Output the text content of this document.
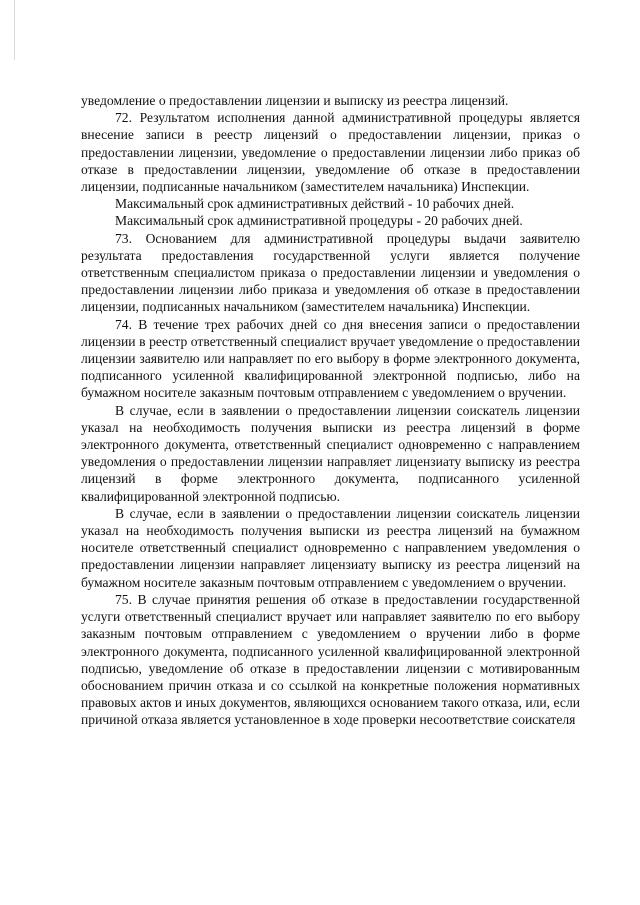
уведомление о предоставлении лицензии и выписку из реестра лицензий.

72. Результатом исполнения данной административной процедуры является внесение записи в реестр лицензий о предоставлении лицензии, приказ о предоставлении лицензии, уведомление о предоставлении лицензии либо приказ об отказе в предоставлении лицензии, уведомление об отказе в предоставлении лицензии, подписанные начальником (заместителем начальника) Инспекции.

Максимальный срок административных действий - 10 рабочих дней.

Максимальный срок административной процедуры - 20 рабочих дней.

73. Основанием для административной процедуры выдачи заявителю результата предоставления государственной услуги является получение ответственным специалистом приказа о предоставлении лицензии и уведомления о предоставлении лицензии либо приказа и уведомления об отказе в предоставлении лицензии, подписанных начальником (заместителем начальника) Инспекции.

74. В течение трех рабочих дней со дня внесения записи о предоставлении лицензии в реестр ответственный специалист вручает уведомление о предоставлении лицензии заявителю или направляет по его выбору в форме электронного документа, подписанного усиленной квалифицированной электронной подписью, либо на бумажном носителе заказным почтовым отправлением с уведомлением о вручении.

В случае, если в заявлении о предоставлении лицензии соискатель лицензии указал на необходимость получения выписки из реестра лицензий в форме электронного документа, ответственный специалист одновременно с направлением уведомления о предоставлении лицензии направляет лицензиату выписку из реестра лицензий в форме электронного документа, подписанного усиленной квалифицированной электронной подписью.

В случае, если в заявлении о предоставлении лицензии соискатель лицензии указал на необходимость получения выписки из реестра лицензий на бумажном носителе ответственный специалист одновременно с направлением уведомления о предоставлении лицензии направляет лицензиату выписку из реестра лицензий на бумажном носителе заказным почтовым отправлением с уведомлением о вручении.

75. В случае принятия решения об отказе в предоставлении государственной услуги ответственный специалист вручает или направляет заявителю по его выбору заказным почтовым отправлением с уведомлением о вручении либо в форме электронного документа, подписанного усиленной квалифицированной электронной подписью, уведомление об отказе в предоставлении лицензии с мотивированным обоснованием причин отказа и со ссылкой на конкретные положения нормативных правовых актов и иных документов, являющихся основанием такого отказа, или, если причиной отказа является установленное в ходе проверки несоответствие соискателя
